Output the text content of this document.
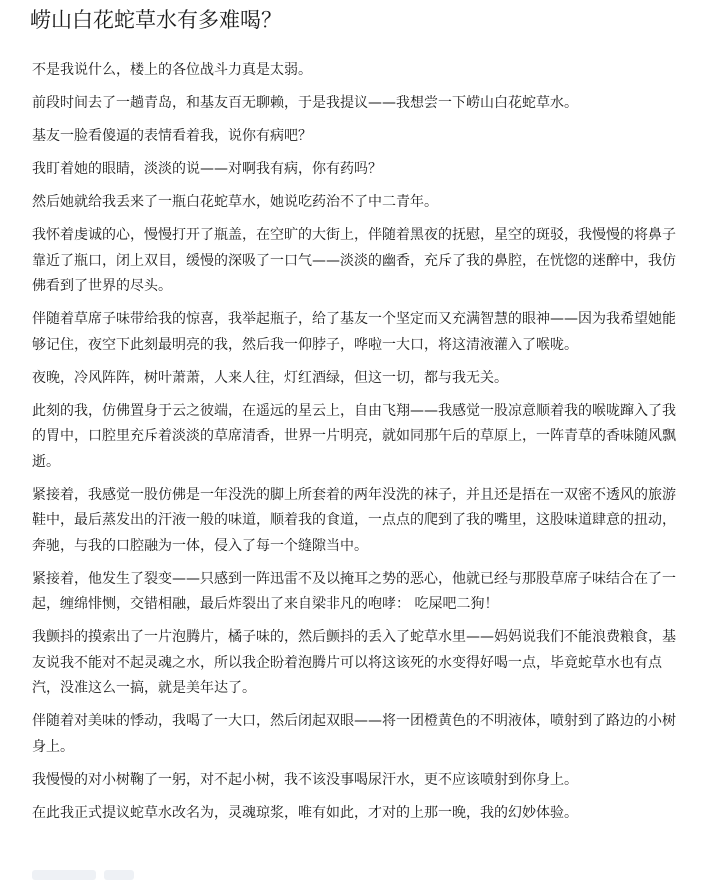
崂山白花蛇草水有多难喝？

不是我说什么，楼上的各位战斗力真是太弱。

前段时间去了一趟青岛，和基友百无聊赖，于是我提议——我想尝一下崂山白花蛇草水。

基友一脸看傻逼的表情看着我，说你有病吧？

我盯着她的眼睛，淡淡的说——对啊我有病，你有药吗？

然后她就给我丢来了一瓶白花蛇草水，她说吃药治不了中二青年。

我怀着虔诚的心，慢慢打开了瓶盖，在空旷的大街上，伴随着黑夜的抚慰，星空的斑驳，我慢慢的将鼻子靠近了瓶口，闭上双目，缓慢的深吸了一口气——淡淡的幽香，充斥了我的鼻腔，在恍惚的迷醉中，我仿佛看到了世界的尽头。

伴随着草席子味带给我的惊喜，我举起瓶子，给了基友一个坚定而又充满智慧的眼神——因为我希望她能够记住，夜空下此刻最明亮的我，然后我一仰脖子，哗啦一大口，将这清液灌入了喉咙。

夜晚，冷风阵阵，树叶萧萧，人来人往，灯红酒绿，但这一切，都与我无关。

此刻的我，仿佛置身于云之彼端，在遥远的星云上，自由飞翔——我感觉一股凉意顺着我的喉咙蹿入了我的胃中，口腔里充斥着淡淡的草席清香，世界一片明亮，就如同那午后的草原上，一阵青草的香味随风飘逝。

紧接着，我感觉一股仿佛是一年没洗的脚上所套着的两年没洗的袜子，并且还是捂在一双密不透风的旅游鞋中，最后蒸发出的汗液一般的味道，顺着我的食道，一点点的爬到了我的嘴里，这股味道肆意的扭动，奔驰，与我的口腔融为一体，侵入了每一个缝隙当中。

紧接着，他发生了裂变——只感到一阵迅雷不及以掩耳之势的恶心，他就已经与那股草席子味结合在了一起，缠绵悱恻，交错相融，最后炸裂出了来自梁非凡的咆哮： 吃屎吧二狗！

我颤抖的摸索出了一片泡腾片，橘子味的，然后颤抖的丢入了蛇草水里——妈妈说我们不能浪费粮食，基友说我不能对不起灵魂之水，所以我企盼着泡腾片可以将这该死的水变得好喝一点，毕竟蛇草水也有点汽，没准这么一搞，就是美年达了。

伴随着对美味的悸动，我喝了一大口，然后闭起双眼——将一团橙黄色的不明液体，喷射到了路边的小树身上。

我慢慢的对小树鞠了一躬，对不起小树，我不该没事喝尿汗水，更不应该喷射到你身上。

在此我正式提议蛇草水改名为，灵魂琼浆，唯有如此，才对的上那一晚，我的幻妙体验。
